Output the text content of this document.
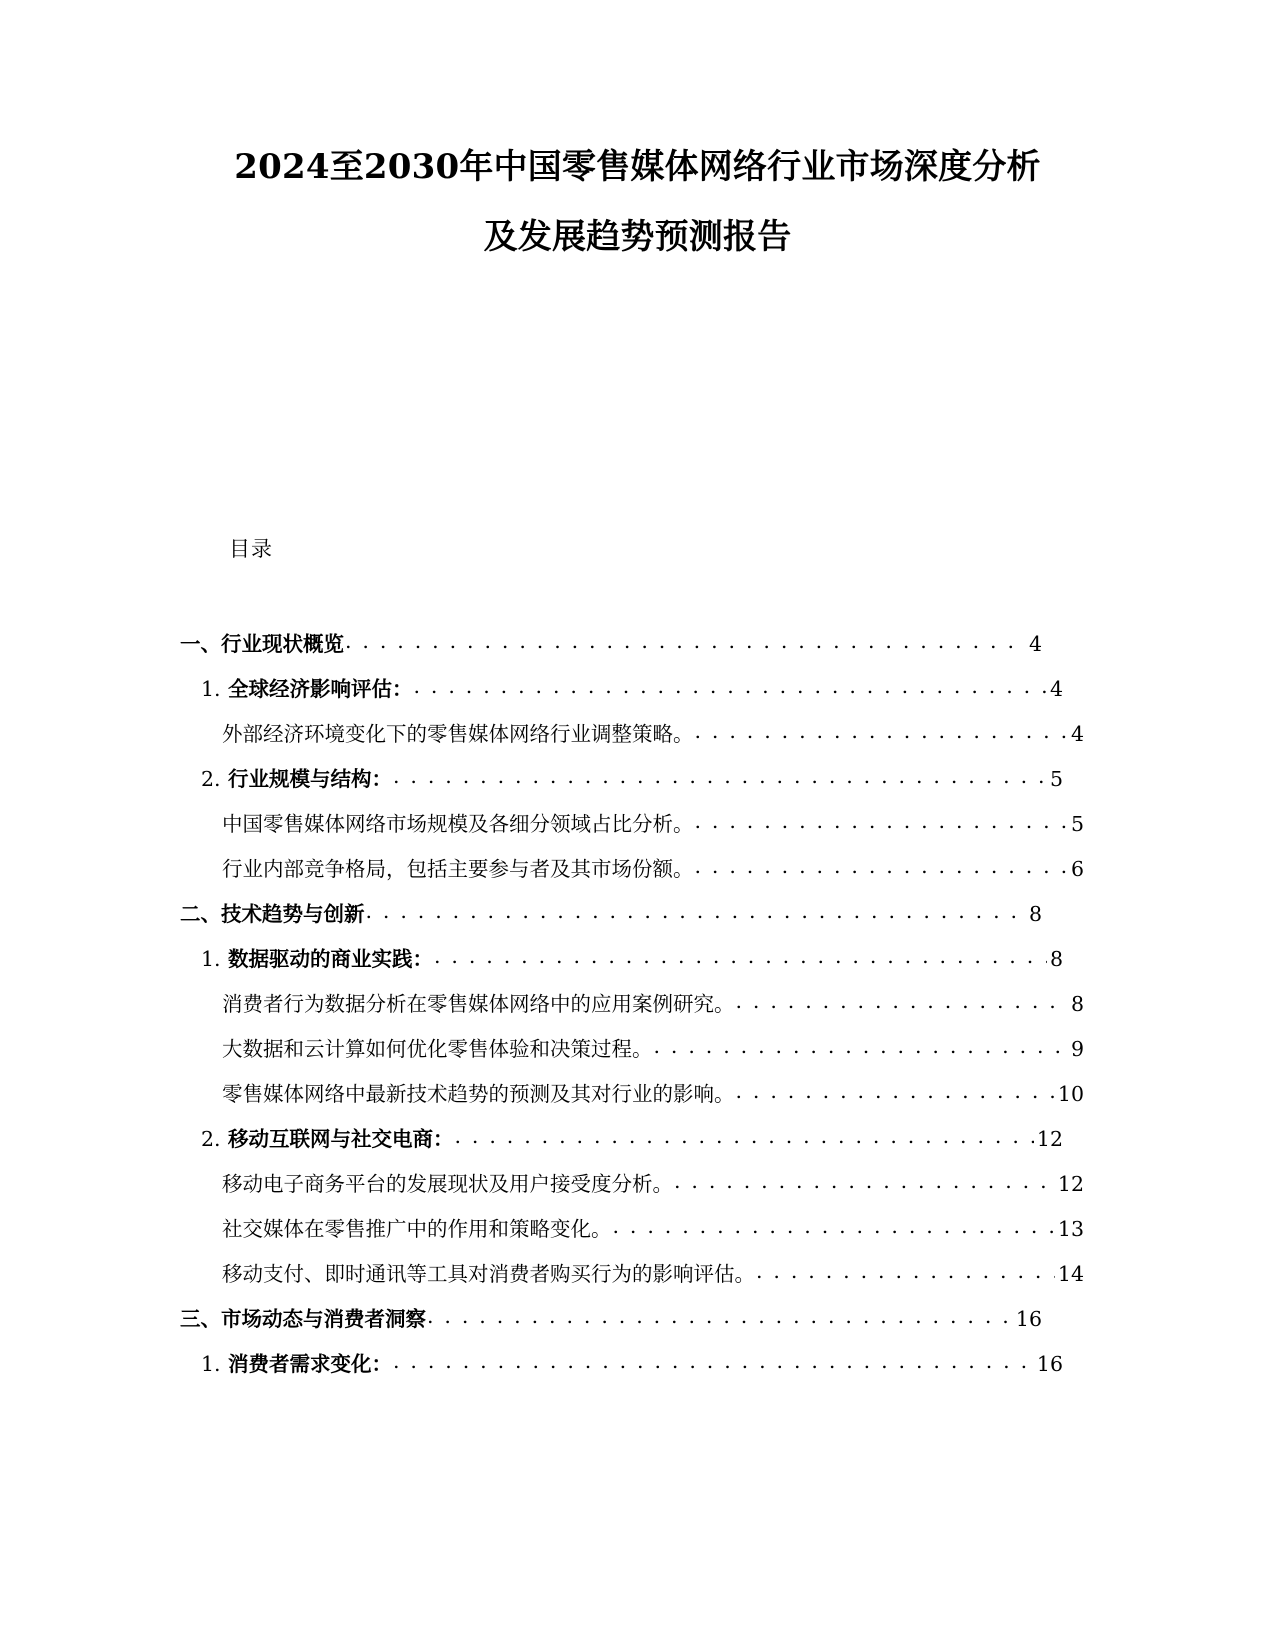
2024至2030年中国零售媒体网络行业市场深度分析
及发展趋势预测报告
目录
一、行业现状概览 . . .	4
1. 全球经济影响评估： . . .	4
外部经济环境变化下的零售媒体网络行业调整策略。 . . .	4
2. 行业规模与结构： . . .	5
中国零售媒体网络市场规模及各细分领域占比分析。 . . .	5
行业内部竞争格局，包括主要参与者及其市场份额。 . . .	6
二、技术趋势与创新 . . .	8
1. 数据驱动的商业实践： . . .	8
消费者行为数据分析在零售媒体网络中的应用案例研究。 . . .	8
大数据和云计算如何优化零售体验和决策过程。 . . .	9
零售媒体网络中最新技术趋势的预测及其对行业的影响。 . . .	10
2. 移动互联网与社交电商： . . .	12
移动电子商务平台的发展现状及用户接受度分析。 . . .	12
社交媒体在零售推广中的作用和策略变化。 . . .	13
移动支付、即时通讯等工具对消费者购买行为的影响评估。 . . .	14
三、市场动态与消费者洞察 . . .	16
1. 消费者需求变化： . . .	16
